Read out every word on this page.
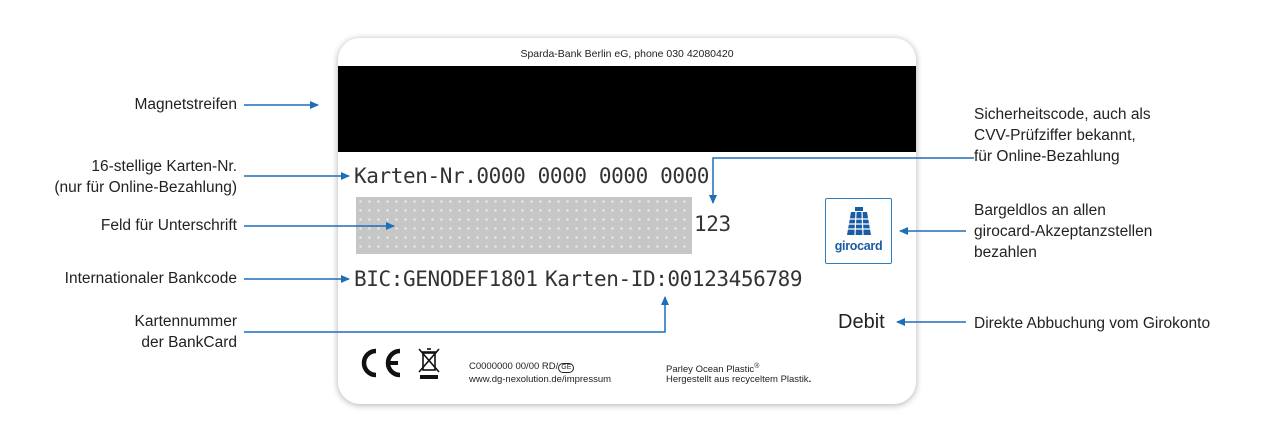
Sparda-Bank Berlin eG, phone 030 42080420
Karten-Nr.0000 0000 0000 0000
123
BIC:GENODEF1801 Karten-ID:00123456789
Debit
girocard
C0000000 00/00 RD/ GE
www.dg-nexolution.de/impressum
Parley Ocean Plastic®
Hergestellt aus recyceltem Plastik.
Magnetstreifen
16-stellige Karten-Nr.
(nur für Online-Bezahlung)
Feld für Unterschrift
Internationaler Bankcode
Kartennummer
der BankCard
Sicherheitscode, auch als
CVV-Prüfziffer bekannt,
für Online-Bezahlung
Bargeldlos an allen
girocard-Akzeptanzstellen
bezahlen
Direkte Abbuchung vom Girokonto
